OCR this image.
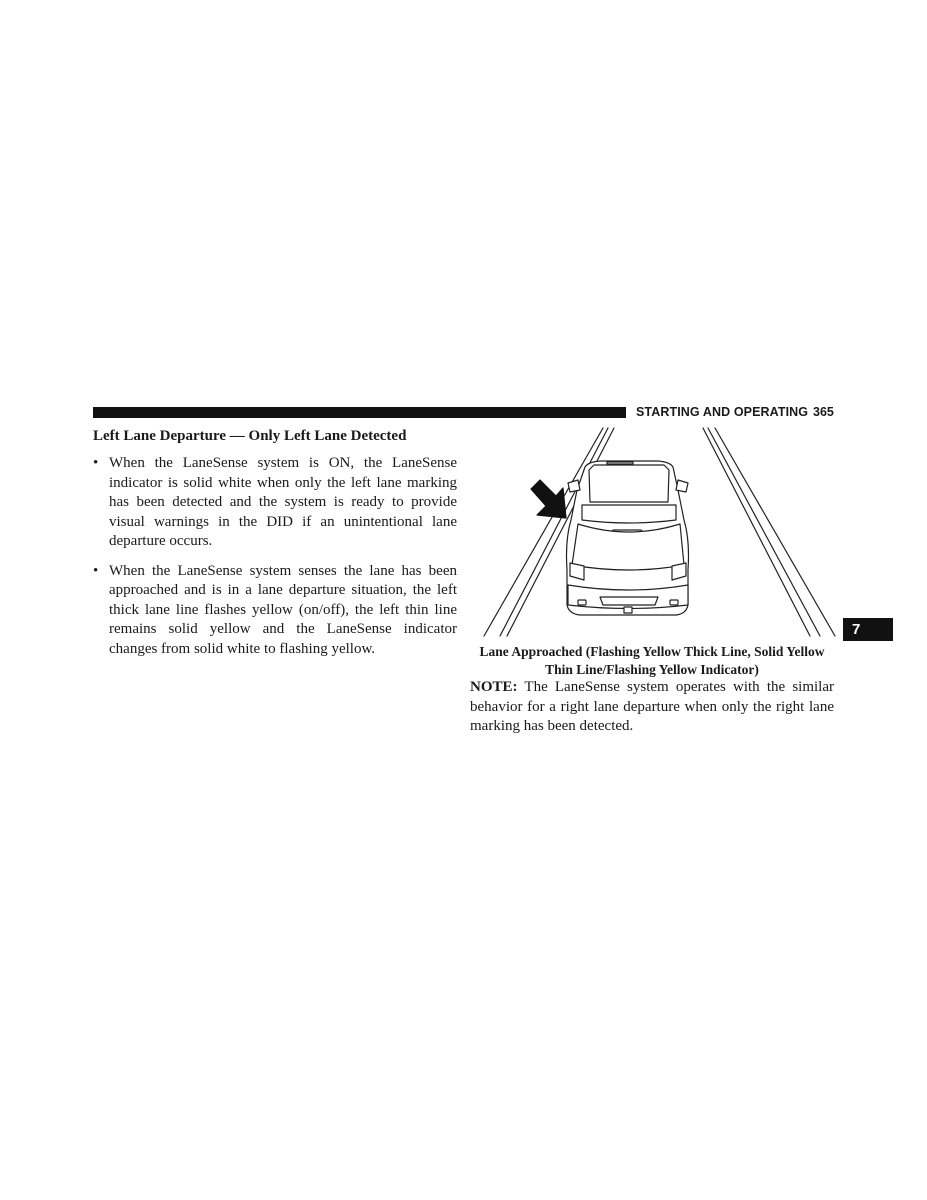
STARTING AND OPERATING 365
Left Lane Departure — Only Left Lane Detected
• When the LaneSense system is ON, the LaneSense indicator is solid white when only the left lane marking has been detected and the system is ready to provide visual warnings in the DID if an unintentional lane departure occurs.
• When the LaneSense system senses the lane has been approached and is in a lane departure situation, the left thick lane line flashes yellow (on/off), the left thin line remains solid yellow and the LaneSense indicator changes from solid white to flashing yellow.	Lane Approached (Flashing Yellow Thick Line, Solid Yellow Thin Line/Flashing Yellow Indicator)
NOTE: The LaneSense system operates with the similar behavior for a right lane departure when only the right lane marking has been detected.
7
